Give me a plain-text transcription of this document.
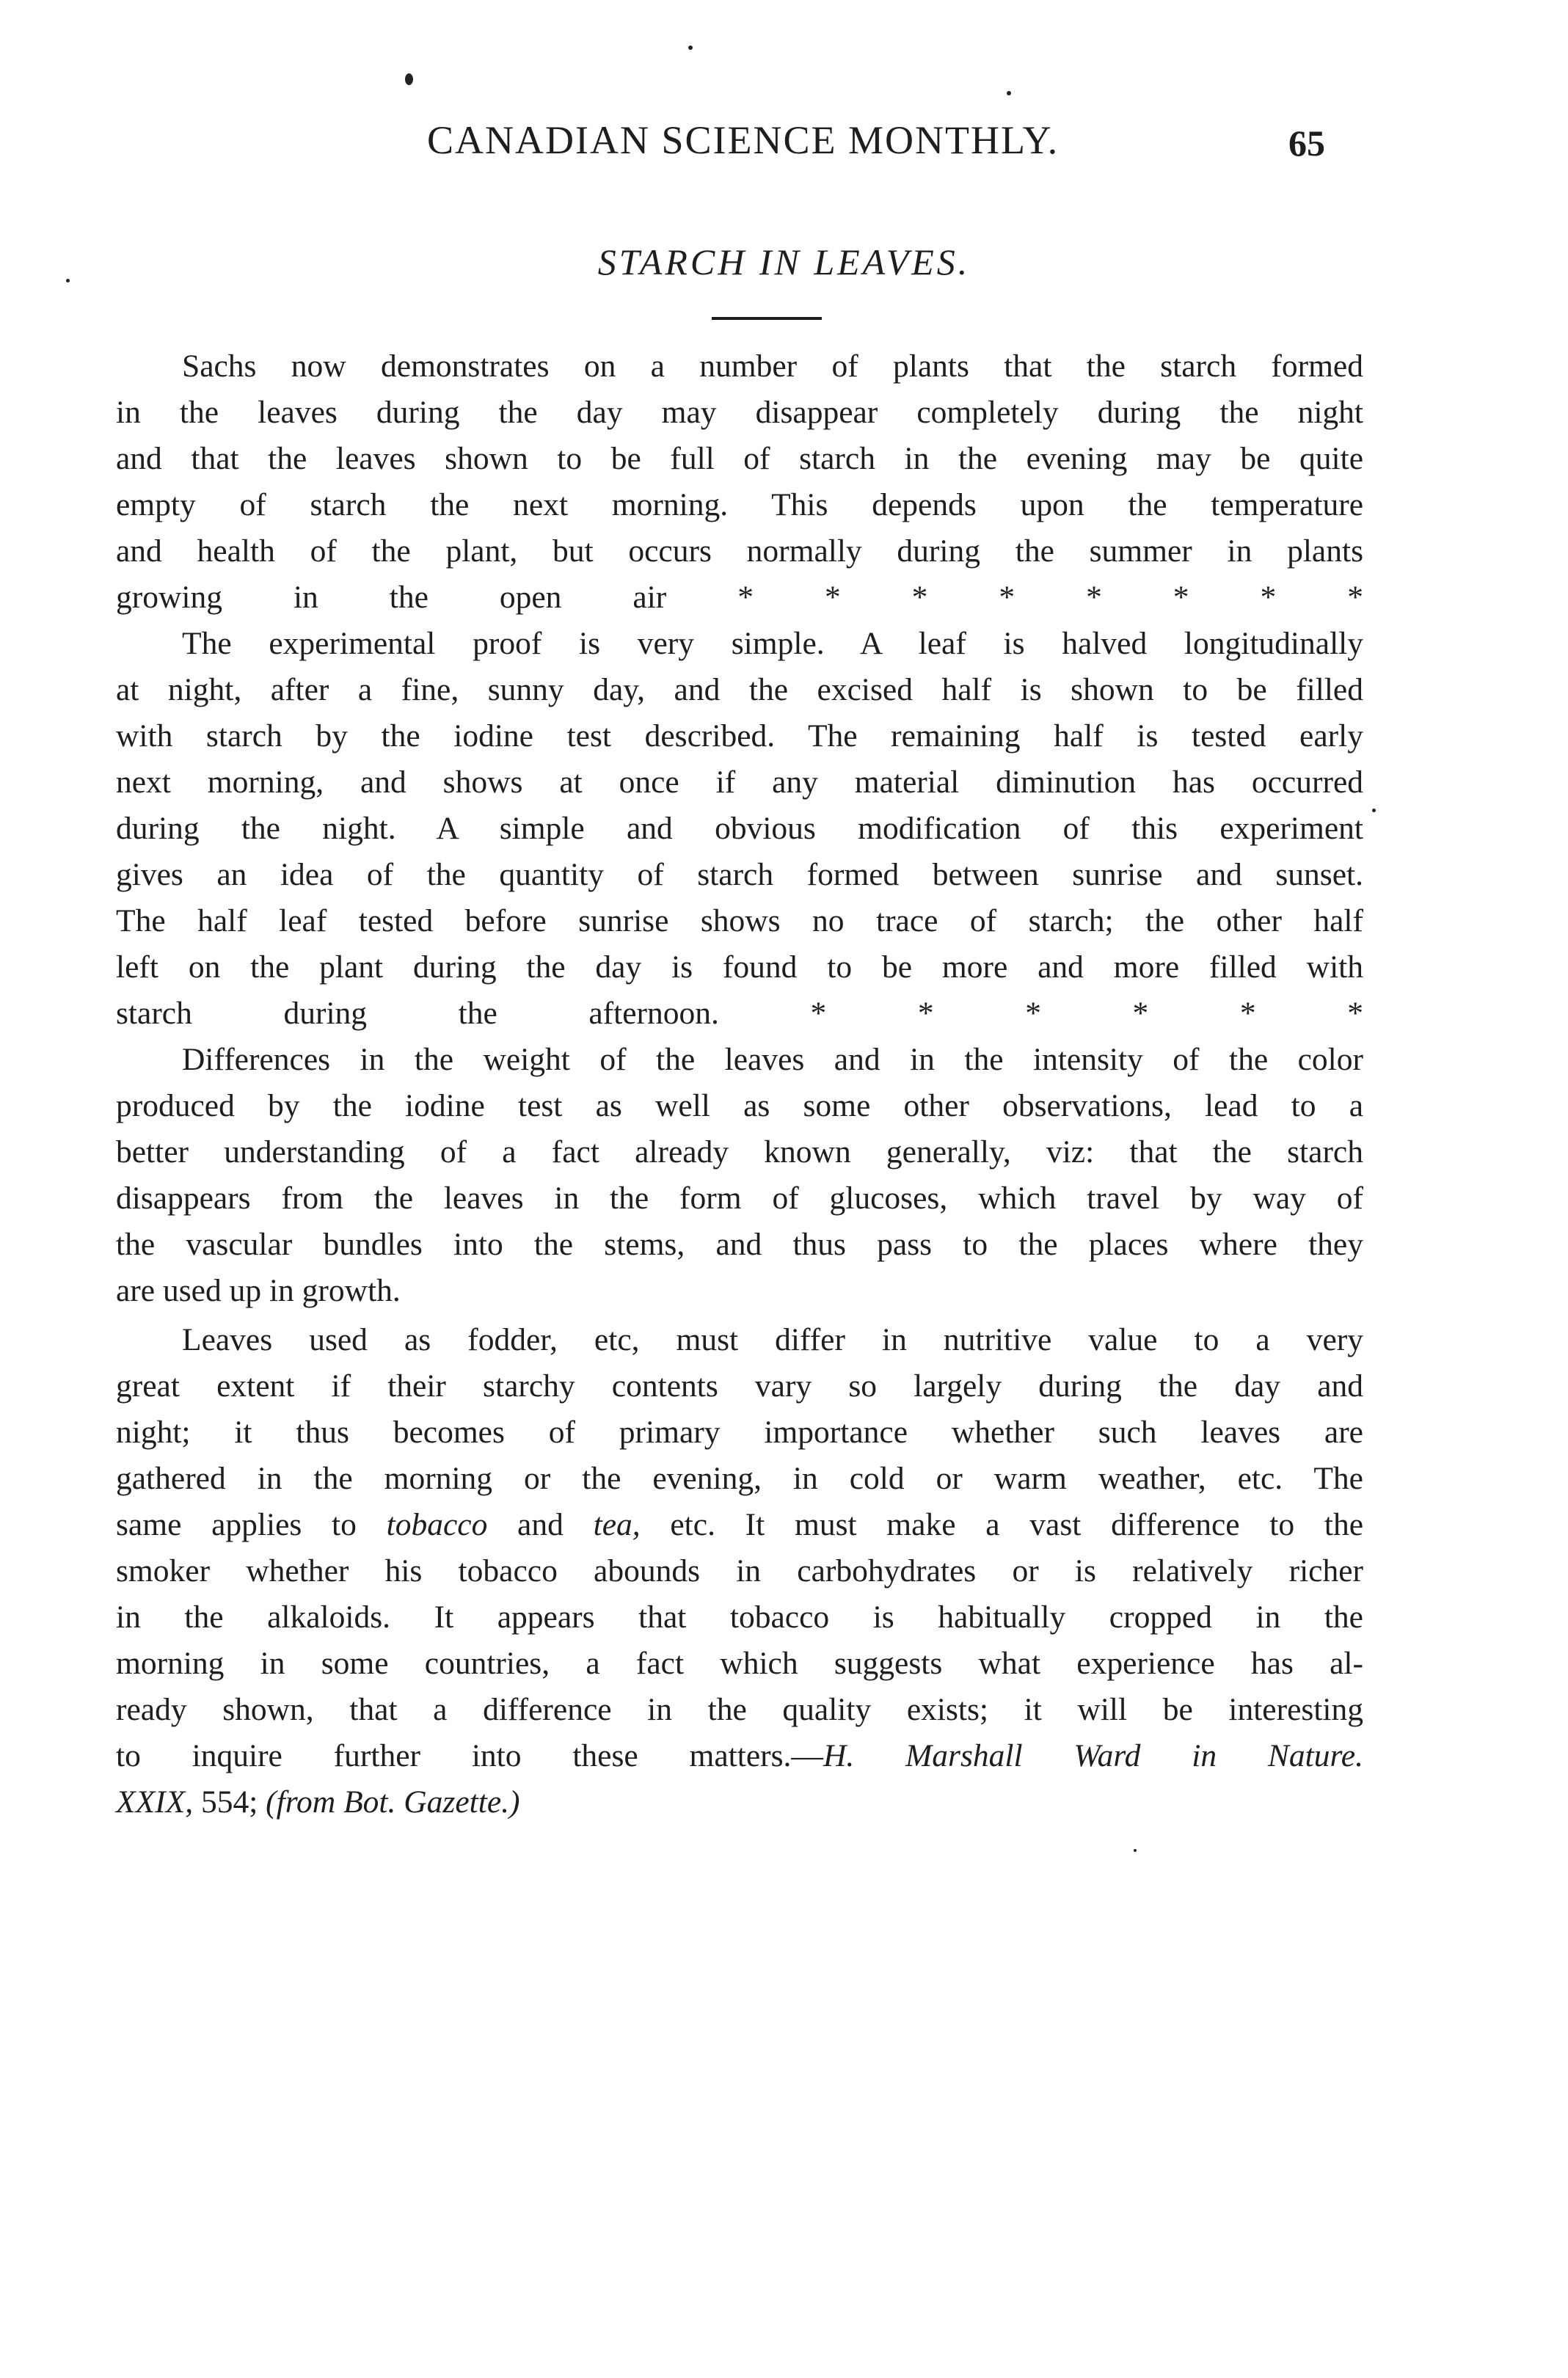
CANADIAN SCIENCE MONTHLY.	65
STARCH IN LEAVES.
Sachs now demonstrates on a number of plants that the starch formed
in the leaves during the day may disappear completely during the night
and that the leaves shown to be full of starch in the evening may be quite
empty of starch the next morning. This depends upon the temperature
and health of the plant, but occurs normally during the summer in plants
growing in the open air * * * * * * * *
The experimental proof is very simple. A leaf is halved longitudinally
at night, after a fine, sunny day, and the excised half is shown to be filled
with starch by the iodine test described. The remaining half is tested early
next morning, and shows at once if any material diminution has occurred
during the night. A simple and obvious modification of this experiment
gives an idea of the quantity of starch formed between sunrise and sunset.
The half leaf tested before sunrise shows no trace of starch; the other half
left on the plant during the day is found to be more and more filled with
starch during the afternoon. * * * * * *
Differences in the weight of the leaves and in the intensity of the color
produced by the iodine test as well as some other observations, lead to a
better understanding of a fact already known generally, viz: that the starch
disappears from the leaves in the form of glucoses, which travel by way of
the vascular bundles into the stems, and thus pass to the places where they
are used up in growth.
Leaves used as fodder, etc, must differ in nutritive value to a very
great extent if their starchy contents vary so largely during the day and
night; it thus becomes of primary importance whether such leaves are
gathered in the morning or the evening, in cold or warm weather, etc. The
same applies to tobacco and tea, etc. It must make a vast difference to the
smoker whether his tobacco abounds in carbohydrates or is relatively richer
in the alkaloids. It appears that tobacco is habitually cropped in the
morning in some countries, a fact which suggests what experience has al-
ready shown, that a difference in the quality exists; it will be interesting
to inquire further into these matters.—H. Marshall Ward in Nature.
XXIX, 554; (from Bot. Gazette.)
